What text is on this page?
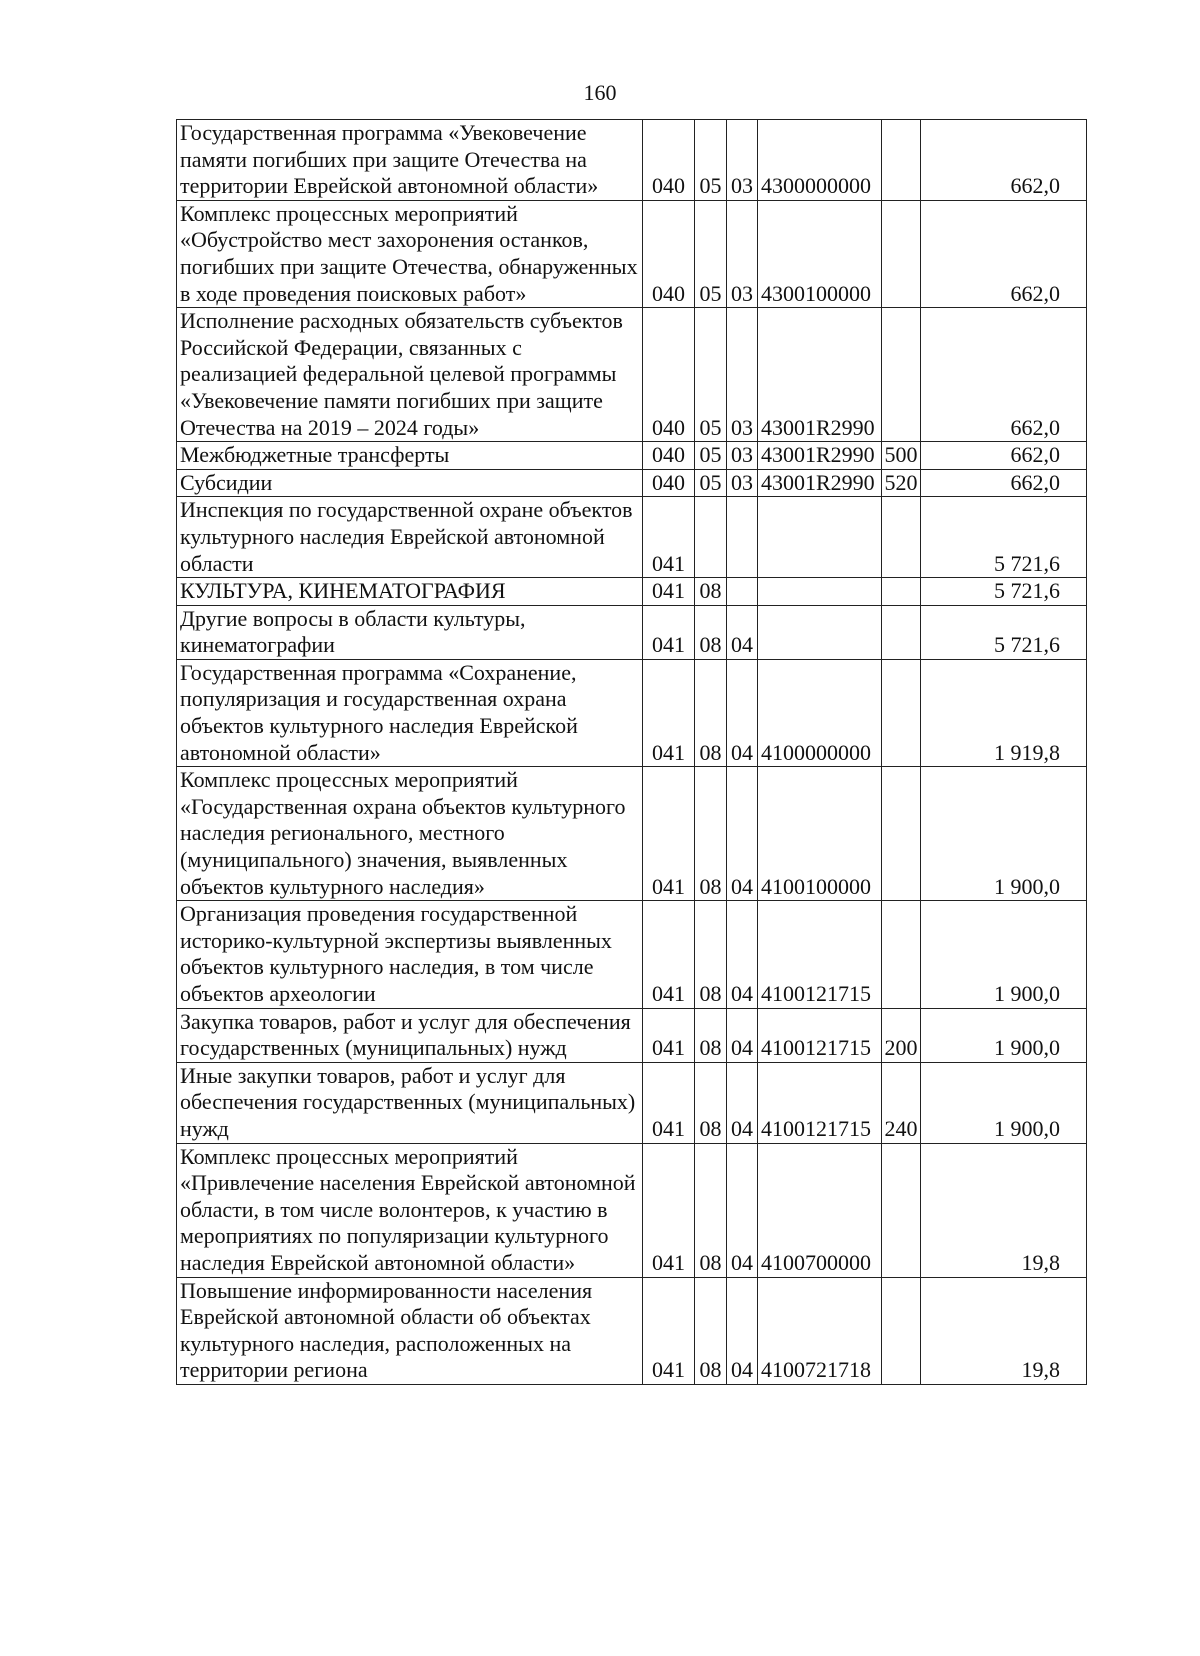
160
Государственная программа «Увековечение памяти погибших при защите Отечества на территории Еврейской автономной области»	040	05	03	4300000000		662,0
Комплекс процессных мероприятий «Обустройство мест захоронения останков, погибших при защите Отечества, обнаруженных в ходе проведения поисковых работ»	040	05	03	4300100000		662,0
Исполнение расходных обязательств субъектов Российской Федерации, связанных с реализацией федеральной целевой программы «Увековечение памяти погибших при защите Отечества на 2019 – 2024 годы»	040	05	03	43001R2990		662,0
Межбюджетные трансферты	040	05	03	43001R2990	500	662,0
Субсидии	040	05	03	43001R2990	520	662,0
Инспекция по государственной охране объектов культурного наследия Еврейской автономной области	041					5 721,6
КУЛЬТУРА, КИНЕМАТОГРАФИЯ	041	08				5 721,6
Другие вопросы в области культуры, кинематографии	041	08	04			5 721,6
Государственная программа «Сохранение, популяризация и государственная охрана объектов культурного наследия Еврейской автономной области»	041	08	04	4100000000		1 919,8
Комплекс процессных мероприятий «Государственная охрана объектов культурного наследия регионального, местного (муниципального) значения, выявленных объектов культурного наследия»	041	08	04	4100100000		1 900,0
Организация проведения государственной историко-культурной экспертизы выявленных объектов культурного наследия, в том числе объектов археологии	041	08	04	4100121715		1 900,0
Закупка товаров, работ и услуг для обеспечения государственных (муниципальных) нужд	041	08	04	4100121715	200	1 900,0
Иные закупки товаров, работ и услуг для обеспечения государственных (муниципальных) нужд	041	08	04	4100121715	240	1 900,0
Комплекс процессных мероприятий «Привлечение населения Еврейской автономной области, в том числе волонтеров, к участию в мероприятиях по популяризации культурного наследия Еврейской автономной области»	041	08	04	4100700000		19,8
Повышение информированности населения Еврейской автономной области об объектах культурного наследия, расположенных на территории региона	041	08	04	4100721718		19,8
